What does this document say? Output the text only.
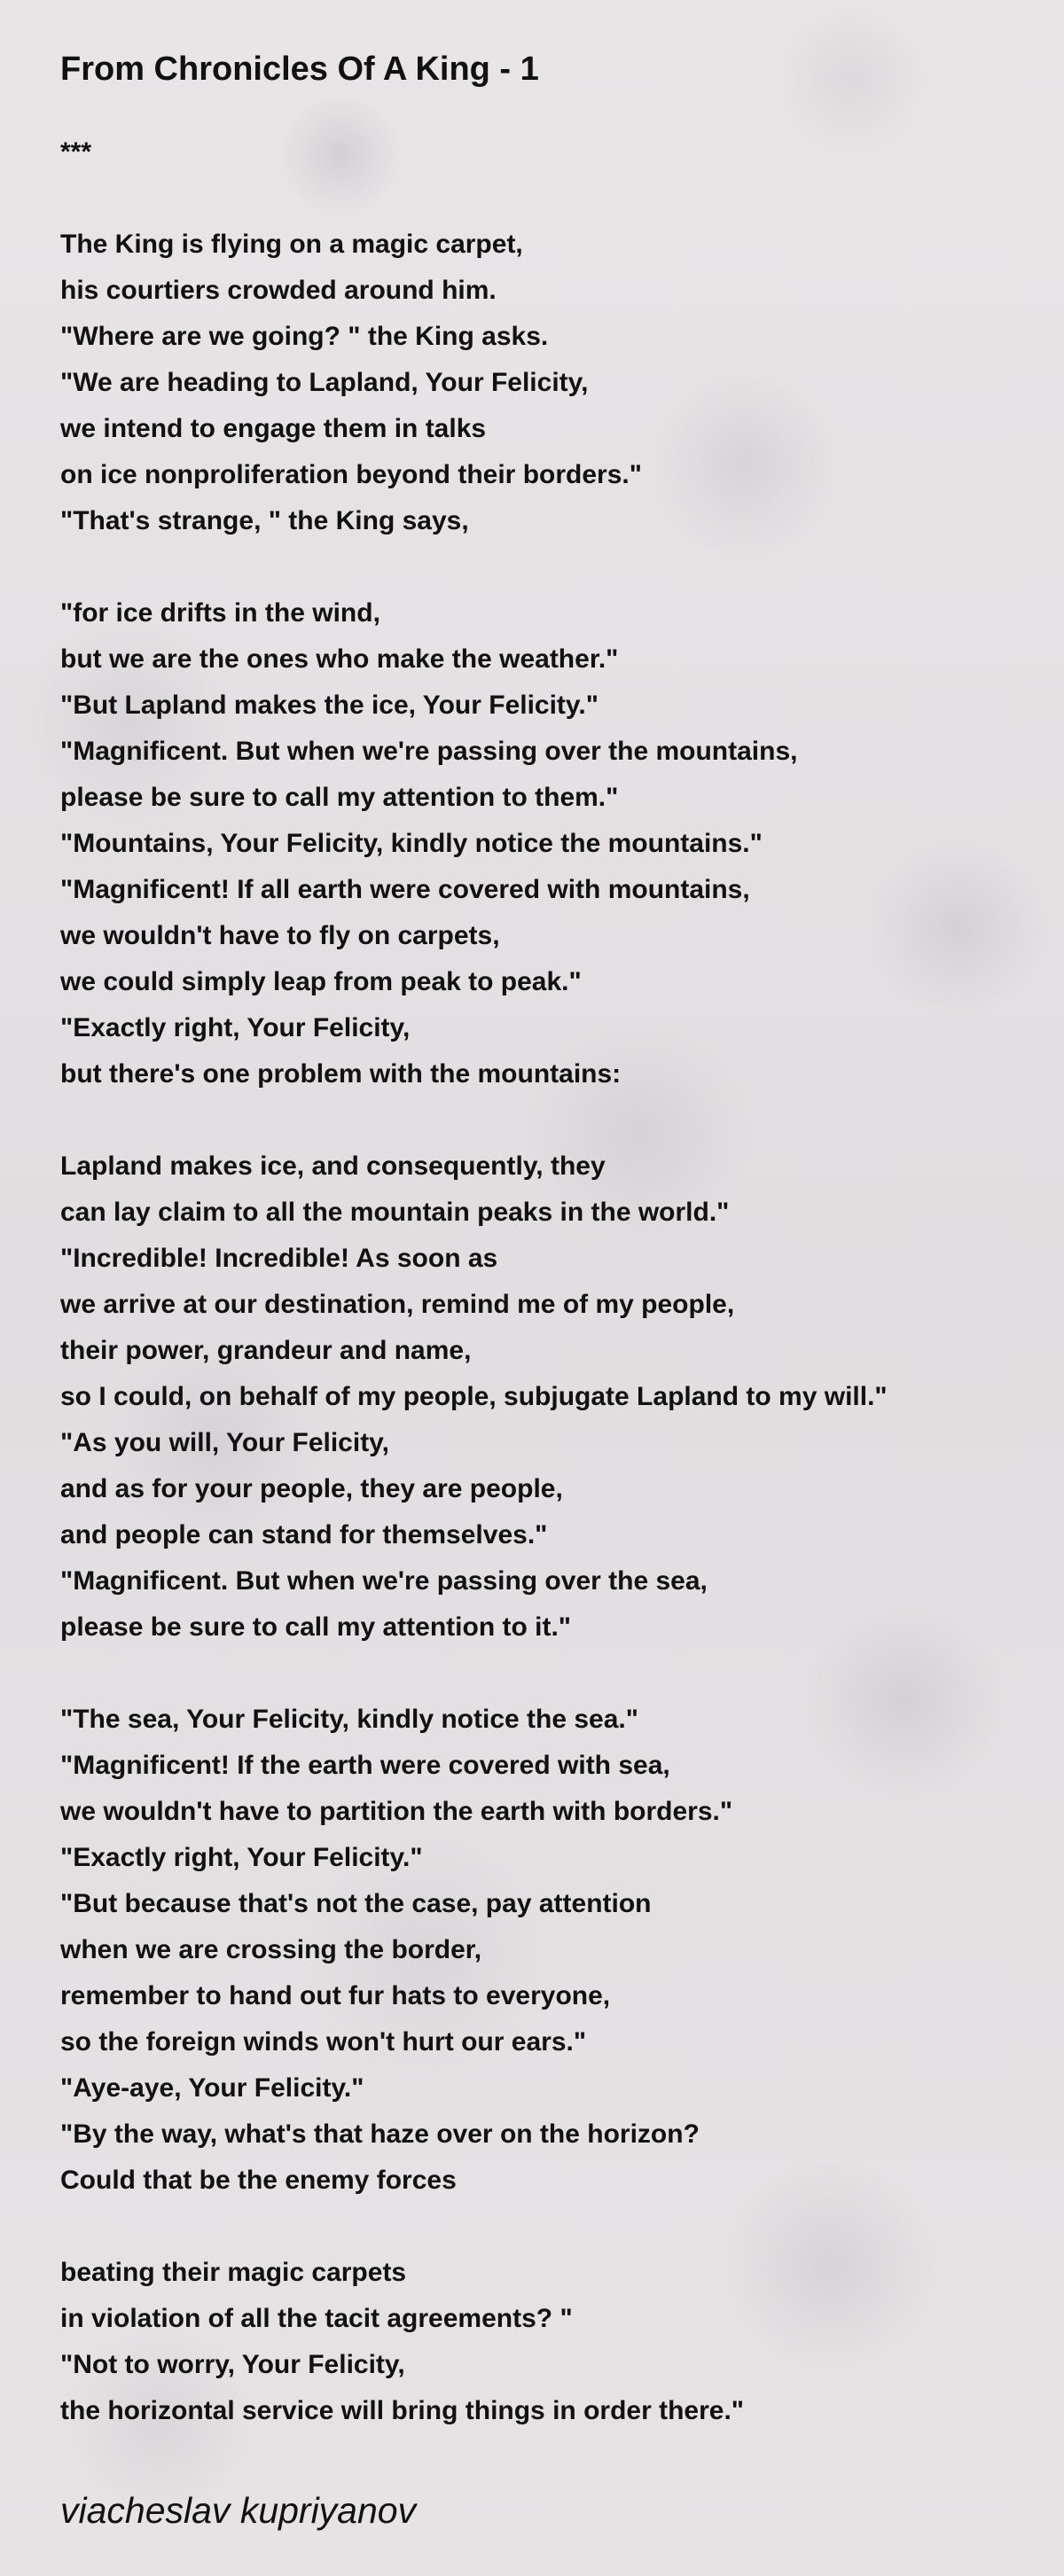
From Chronicles Of A King - 1
***
The King is flying on a magic carpet,
his courtiers crowded around him.
"Where are we going? " the King asks.
"We are heading to Lapland, Your Felicity,
we intend to engage them in talks
on ice nonproliferation beyond their borders."
"That's strange, " the King says,
"for ice drifts in the wind,
but we are the ones who make the weather."
"But Lapland makes the ice, Your Felicity."
"Magnificent. But when we're passing over the mountains,
please be sure to call my attention to them."
"Mountains, Your Felicity, kindly notice the mountains."
"Magnificent! If all earth were covered with mountains,
we wouldn't have to fly on carpets,
we could simply leap from peak to peak."
"Exactly right, Your Felicity,
but there's one problem with the mountains:
Lapland makes ice, and consequently, they
can lay claim to all the mountain peaks in the world."
"Incredible! Incredible! As soon as
we arrive at our destination, remind me of my people,
their power, grandeur and name,
so I could, on behalf of my people, subjugate Lapland to my will."
"As you will, Your Felicity,
and as for your people, they are people,
and people can stand for themselves."
"Magnificent. But when we're passing over the sea,
please be sure to call my attention to it."
"The sea, Your Felicity, kindly notice the sea."
"Magnificent! If the earth were covered with sea,
we wouldn't have to partition the earth with borders."
"Exactly right, Your Felicity."
"But because that's not the case, pay attention
when we are crossing the border,
remember to hand out fur hats to everyone,
so the foreign winds won't hurt our ears."
"Aye-aye, Your Felicity."
"By the way, what's that haze over on the horizon?
Could that be the enemy forces
beating their magic carpets
in violation of all the tacit agreements? "
"Not to worry, Your Felicity,
the horizontal service will bring things in order there."

viacheslav kupriyanov
